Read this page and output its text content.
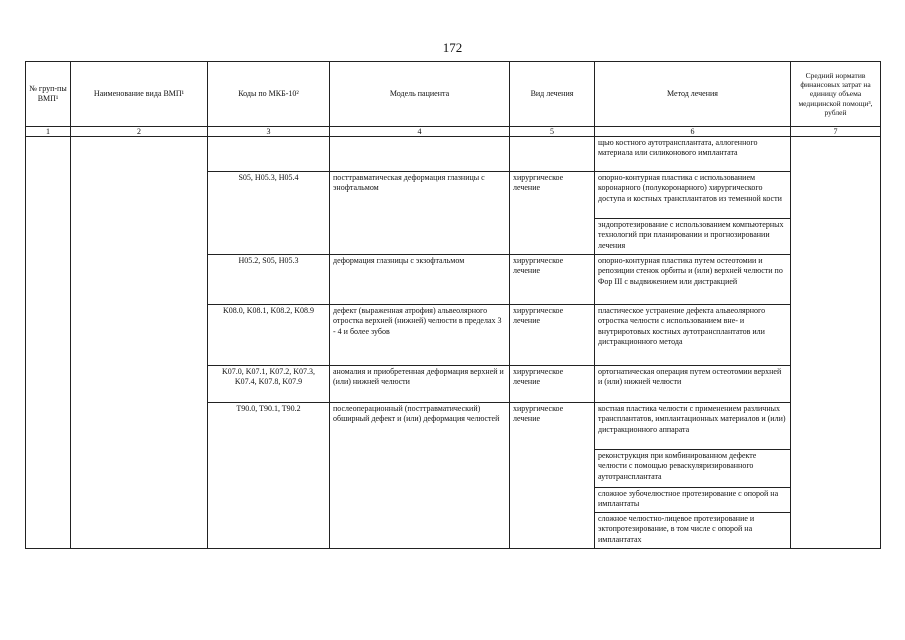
172
№ груп-пы ВМП¹	Наименование вида ВМП¹	Коды по МКБ-10²	Модель пациента	Вид лечения	Метод лечения	Средний норматив финансовых затрат на единицу объема медицинской помощи³, рублей
1	2	3	4	5	6	7
					щью костного аутотрансплантата, аллогенного материала или силиконового имплантата	
		S05, H05.3, H05.4	посттравматическая деформация глазницы с энофтальмом	хирургическое лечение	опорно-контурная пластика с использованием коронарного (полукоронарного) хирургического доступа и костных трансплантатов из теменной кости	
					эндопротезирование с использованием компьютерных технологий при планировании и прогнозировании лечения	
		H05.2, S05, H05.3	деформация глазницы с экзофтальмом	хирургическое лечение	опорно-контурная пластика путем остеотомии и репозиции стенок орбиты и (или) верхней челюсти по Фор III с выдвижением или дистракцией	
		K08.0, K08.1, K08.2, K08.9	дефект (выраженная атрофия) альвеолярного отростка верхней (нижней) челюсти в пределах 3 - 4 и более зубов	хирургическое лечение	пластическое устранение дефекта альвеолярного отростка челюсти с использованием вне- и внутриротовых костных аутотрансплантатов или дистракционного метода	
		K07.0, K07.1, K07.2, K07.3, K07.4, K07.8, K07.9	аномалия и приобретенная деформация верхней и (или) нижней челюсти	хирургическое лечение	ортогнатическая операция путем остеотомии верхней и (или) нижней челюсти	
		T90.0, T90.1, T90.2	послеоперационный (посттравматический) обширный дефект и (или) деформация челюстей	хирургическое лечение	костная пластика челюсти с применением различных трансплантатов, имплантационных материалов и (или) дистракционного аппарата	
					реконструкция при комбинированном дефекте челюсти с помощью реваскуляризированного аутотрансплантата	
					сложное зубочелюстное протезирование с опорой на имплантаты	
					сложное челюстно-лицевое протезирование и эктопротезирование, в том числе с опорой на имплантатах	
